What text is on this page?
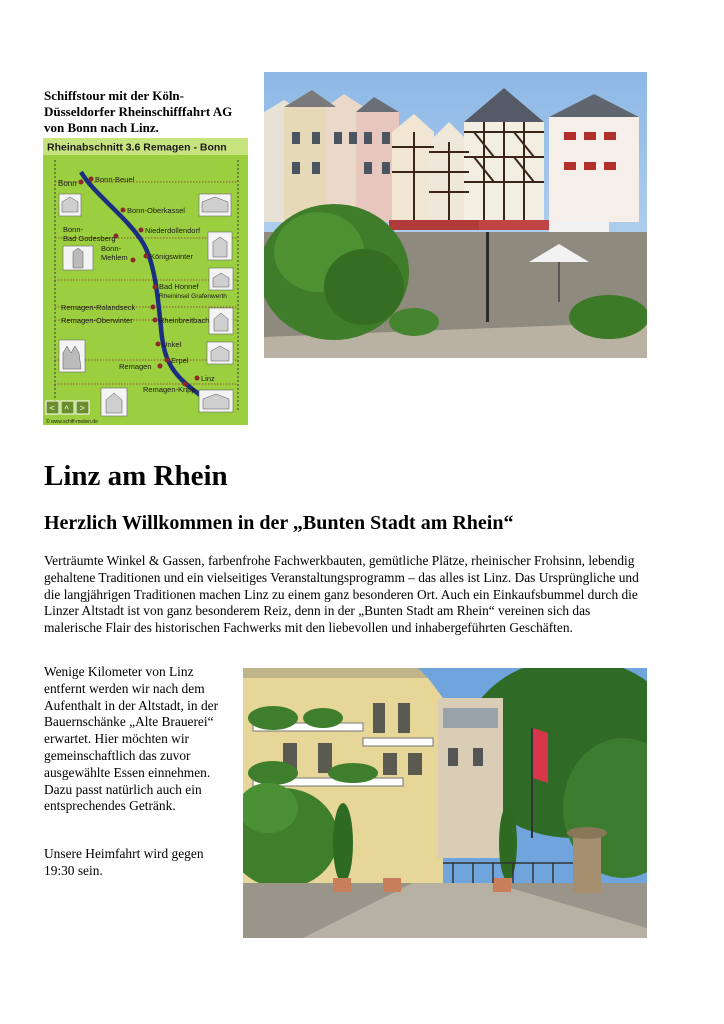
Schiffstour mit der Köln-Düsseldorfer Rheinschifffahrt AG von Bonn nach Linz.
Rheinabschnitt 3.6 Remagen - Bonn
Bonn Bonn-Beuel
Bonn-Oberkassel
Bonn-
Bad Godesberg
Niederdollendorf
Bonn-
Mehlem	Königswinter
Bad Honnef
Rheininsel Grafenwerth
Remagen-Rolandseck
Remagen-Oberwinter	Rheinbreitbach
Unkel
Erpel
Remagen
Linz
Remagen-Kripp
< ^ >
© www.schiff-meilen.de
Linz am Rhein
Herzlich Willkommen in der „Bunten Stadt am Rhein“

Verträumte Winkel & Gassen, farbenfrohe Fachwerkbauten, gemütliche Plätze, rheinischer Frohsinn, lebendig gehaltene Traditionen und ein vielseitiges Veranstaltungsprogramm – das alles ist Linz. Das Ursprüngliche und die langjährigen Traditionen machen Linz zu einem ganz besonderen Ort. Auch ein Einkaufsbummel durch die Linzer Altstadt ist von ganz besonderem Reiz, denn in der „Bunten Stadt am Rhein“ vereinen sich das malerische Flair des historischen Fachwerks mit den liebevollen und inhabergeführten Geschäften.

Wenige Kilometer von Linz entfernt werden wir nach dem Aufenthalt in der Altstadt, in der Bauernschänke „Alte Brauerei“ erwartet. Hier möchten wir gemeinschaftlich das zuvor ausgewählte Essen einnehmen. Dazu passt natürlich auch ein entsprechendes Getränk.

Unsere Heimfahrt wird gegen 19:30 sein.
